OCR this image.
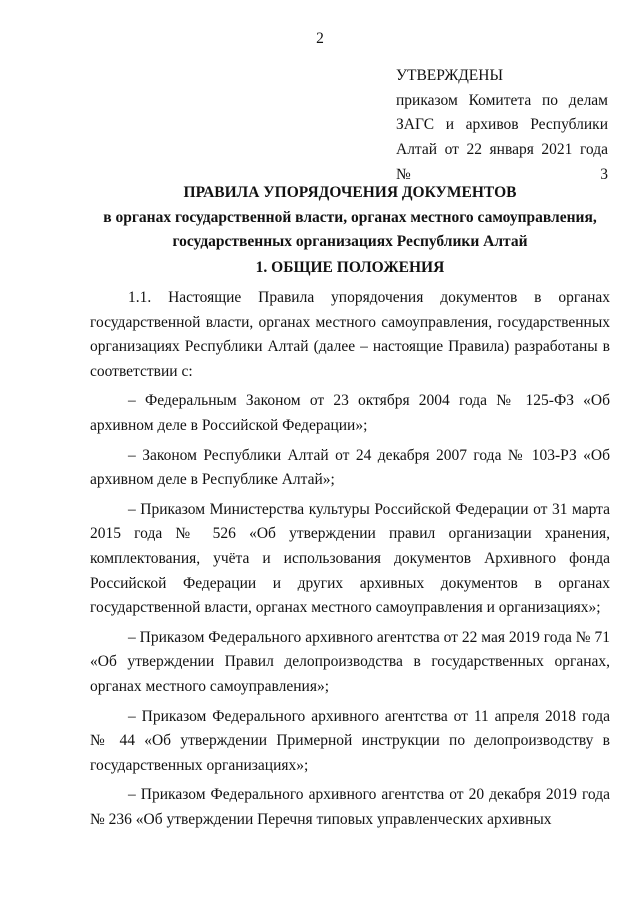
2
УТВЕРЖДЕНЫ
приказом Комитета по делам
ЗАГС и архивов Республики
Алтай от 22 января 2021 года № 3
ПРАВИЛА УПОРЯДОЧЕНИЯ ДОКУМЕНТОВ
в органах государственной власти, органах местного самоуправления,
государственных организациях Республики Алтай
1. ОБЩИЕ ПОЛОЖЕНИЯ

1.1. Настоящие Правила упорядочения документов в органах государственной власти, органах местного самоуправления, государственных организациях Республики Алтай (далее – настоящие Правила) разработаны в соответствии с:

– Федеральным Законом от 23 октября 2004 года № 125-ФЗ «Об архивном деле в Российской Федерации»;

– Законом Республики Алтай от 24 декабря 2007 года № 103-РЗ «Об архивном деле в Республике Алтай»;

– Приказом Министерства культуры Российской Федерации от 31 марта 2015 года № 526 «Об утверждении правил организации хранения, комплектования, учёта и использования документов Архивного фонда Российской Федерации и других архивных документов в органах государственной власти, органах местного самоуправления и организациях»;

– Приказом Федерального архивного агентства от 22 мая 2019 года № 71 «Об утверждении Правил делопроизводства в государственных органах, органах местного самоуправления»;

– Приказом Федерального архивного агентства от 11 апреля 2018 года № 44 «Об утверждении Примерной инструкции по делопроизводству в государственных организациях»;

– Приказом Федерального архивного агентства от 20 декабря 2019 года № 236 «Об утверждении Перечня типовых управленческих архивных
